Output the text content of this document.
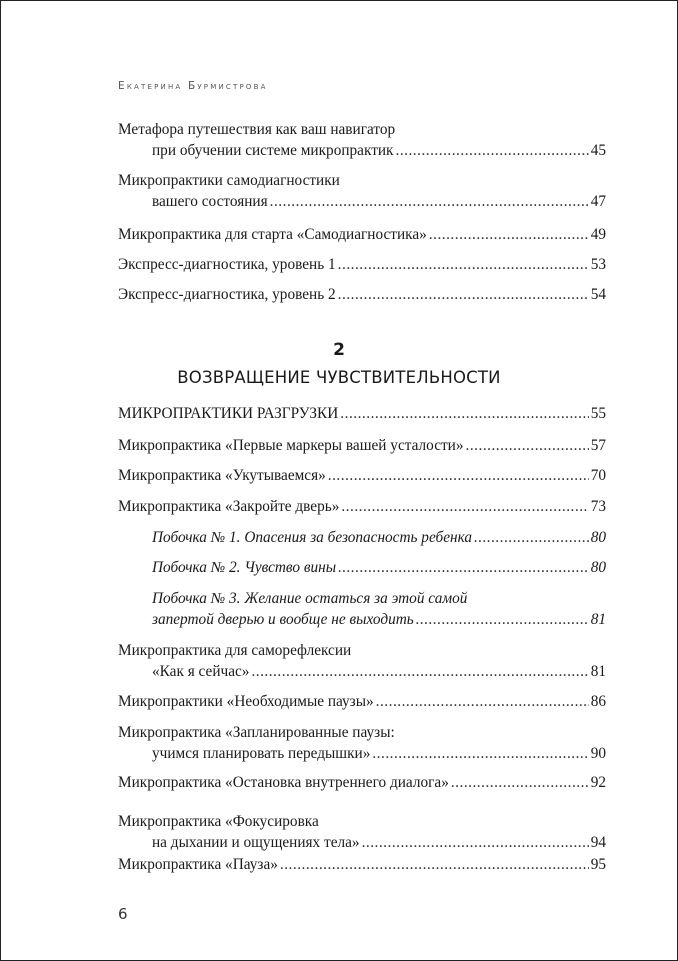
Екатерина Бурмистрова
2
ВОЗВРАЩЕНИЕ ЧУВСТВИТЕЛЬНОСТИ
Метафора путешествия как ваш навигатор
при обучении системе микропрактик .....	45
Микропрактики самодиагностики
вашего состояния .....	47
Микропрактика для старта «Самодиагностика» .....	49
Экспресс-диагностика, уровень 1 .....	53
Экспресс-диагностика, уровень 2 .....	54
МИКРОПРАКТИКИ РАЗГРУЗКИ .....	55
Микропрактика «Первые маркеры вашей усталости» .....	57
Микропрактика «Укутываемся» .....	70
Микропрактика «Закройте дверь» .....	73
Побочка № 1. Опасения за безопасность ребенка .....	80
Побочка № 2. Чувство вины .....	80
Побочка № 3. Желание остаться за этой самой
запертой дверью и вообще не выходить .....	81
Микропрактика для саморефлексии
«Как я сейчас» .....	81
Микропрактики «Необходимые паузы» .....	86
Микропрактика «Запланированные паузы:
учимся планировать передышки» .....	90
Микропрактика «Остановка внутреннего диалога» .....	92
Микропрактика «Фокусировка
на дыхании и ощущениях тела» .....	94
Микропрактика «Пауза» .....	95
6
